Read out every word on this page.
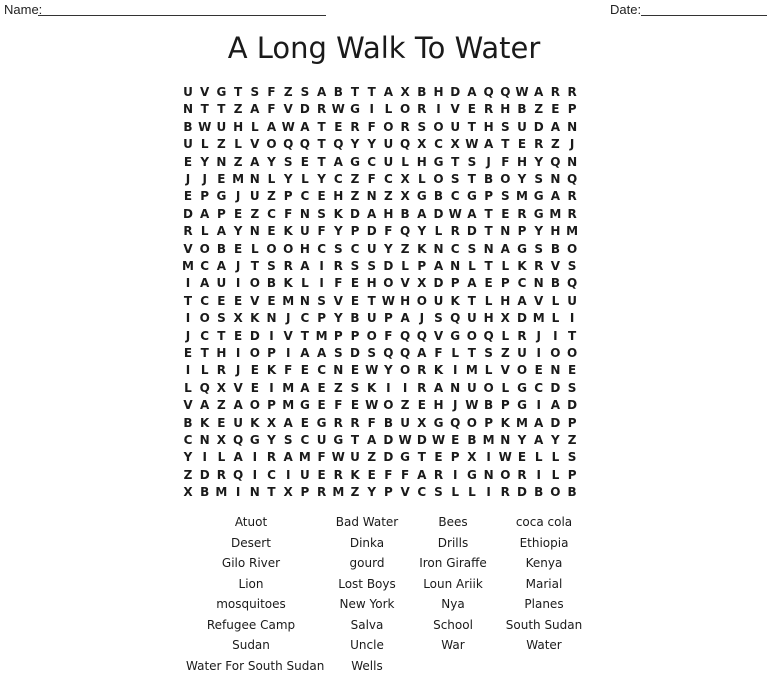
Name:	Date:
A Long Walk To Water
U V G T S F Z S A B T T A X B H D A Q Q W A R R
N T T Z A F V D R W G I L O R I V E R H B Z E P
B W U H L A W A T E R F O R S O U T H S U D A N
U L Z L V O Q Q T Q Y Y U Q X C X W A T E R Z J
E Y N Z A Y S E T A G C U L H G T S J F H Y Q N
J	J E M N L Y L Y C Z F C X L O S T B O Y S N Q
E P G J U Z P C E H Z N Z X G B C G P S M G A R
D A P E Z C F N S K D A H B A D W A T E R G M R
R L A Y N E K U F Y P D F Q Y L R D T N P Y H M
V O B E L O O H C S C U Y Z K N C S N A G S B O
M C A J T S R A I R S S D L P A N L T L K R V S
I A U I O B K L I F E H O V X D P A E P C N B Q
T C E E V E M N S V E T W H O U K T L H A V L U
I O S X K N J C P Y B U P A J S Q U H X D M L I
J C T E D I V T M P P O F Q Q V G O Q L R J	I T
E T H I O P I A A S D S Q Q A F L T S Z U I O O
I L R J E K F E C N E W Y O R K I M L V O E N E
L Q X V E I M A E Z S K I	I R A N U O L G C D S
V A Z A O P M G E F E W O Z E H J W B P G I A D
B K E U K X A E G R R F B U X G Q O P K M A D P
C N X Q G Y S C U G T A D W D W E B M N Y A Y Z
Y I L A I R A M F W U Z D G T E P X I W E L L S
Z D R Q I C I U E R K E F F A R I G N O R I L P
X B M I N T X P R M Z Y P V C S L L I R D B O B
Atuot
Desert
Gilo River
Lion
mosquitoes
Refugee Camp
Sudan
Water For South Sudan
Bad Water
Dinka
gourd
Lost Boys
New York
Salva
Uncle
Wells
Bees
Drills
Iron Giraffe
Loun Ariik
Nya
School
War
coca cola
Ethiopia
Kenya
Marial
Planes
South Sudan
Water
